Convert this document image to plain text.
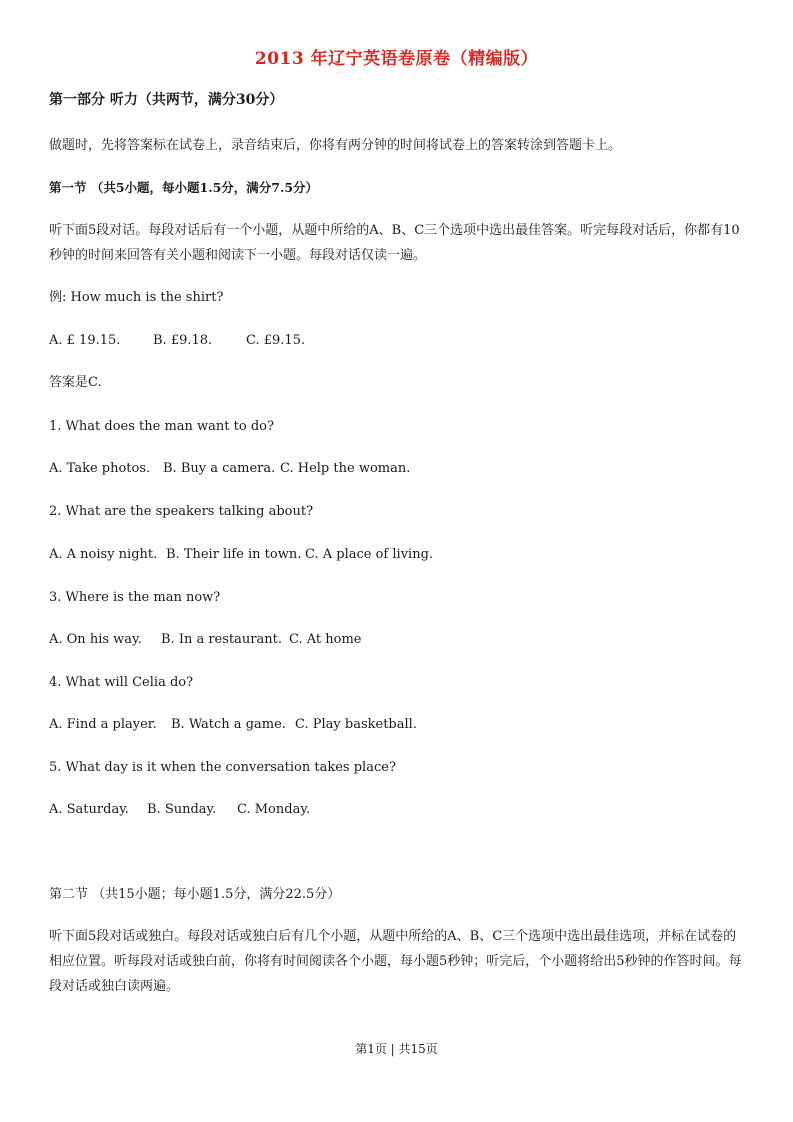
2013 年辽宁英语卷原卷（精编版）
第一部分 听力（共两节，满分30分）
做题时，先将答案标在试卷上，录音结束后，你将有两分钟的时间将试卷上的答案转涂到答题卡上。
第一节 （共5小题，每小题1.5分，满分7.5分）
听下面5段对话。每段对话后有一个小题，从题中所给的A、B、C三个选项中选出最佳答案。听完每段对话后，你都有10秒钟的时间来回答有关小题和阅读下一小题。每段对话仅读一遍。
例: How much is the shirt?
A. £ 19.15.	B. £9.18.	C. £9.15.
答案是C.
1. What does the man want to do?
A. Take photos. B. Buy a camera. C. Help the woman.
2. What are the speakers talking about?
A. A noisy night. B. Their life in town. C. A place of living.
3. Where is the man now?
A. On his way. B. In a restaurant. C. At home
4. What will Celia do?
A. Find a player. B. Watch a game. C. Play basketball.
5. What day is it when the conversation takes place?
A. Saturday. B. Sunday. C. Monday.
第二节 （共15小题；每小题1.5分，满分22.5分）
听下面5段对话或独白。每段对话或独白后有几个小题，从题中所给的A、B、C三个选项中选出最佳选项，并标在试卷的相应位置。听每段对话或独白前，你将有时间阅读各个小题，每小题5秒钟；听完后，个小题将给出5秒钟的作答时间。每段对话或独白读两遍。
第1页 | 共15页
